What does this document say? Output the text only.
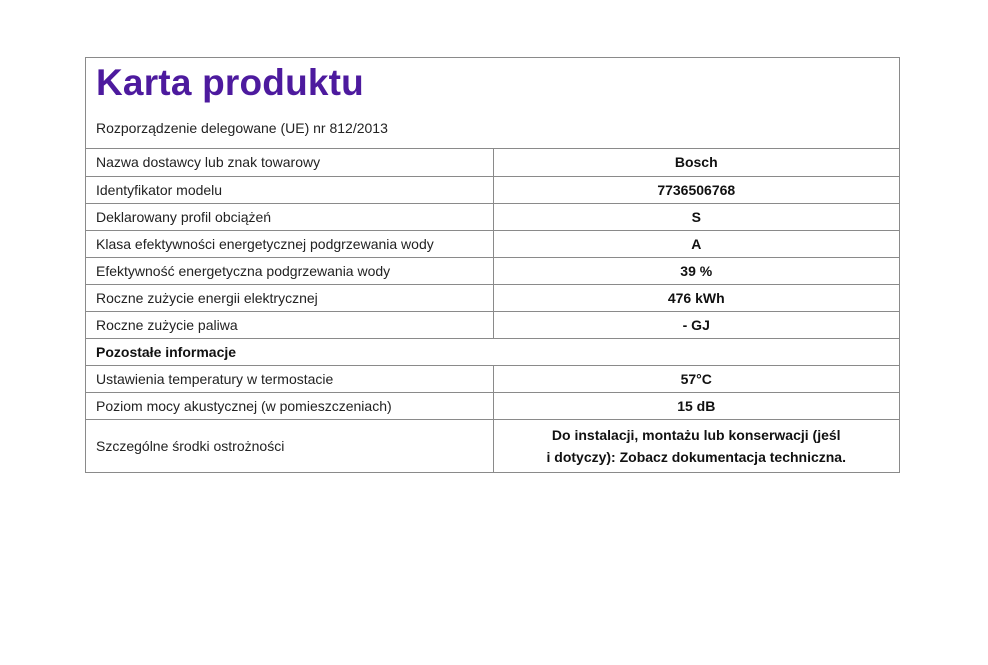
Karta produktu
Rozporządzenie delegowane (UE) nr 812/2013
Nazwa dostawcy lub znak towarowy	Bosch
Identyfikator modelu	7736506768
Deklarowany profil obciążeń	S
Klasa efektywności energetycznej podgrzewania wody	A
Efektywność energetyczna podgrzewania wody	39 %
Roczne zużycie energii elektrycznej	476 kWh
Roczne zużycie paliwa	- GJ
Pozostałe informacje	
Ustawienia temperatury w termostacie	57°C
Poziom mocy akustycznej (w pomieszczeniach)	15 dB
Szczególne środki ostrożności	Do instalacji, montażu lub konserwacji (jeśl
i dotyczy): Zobacz dokumentacja techniczna.
